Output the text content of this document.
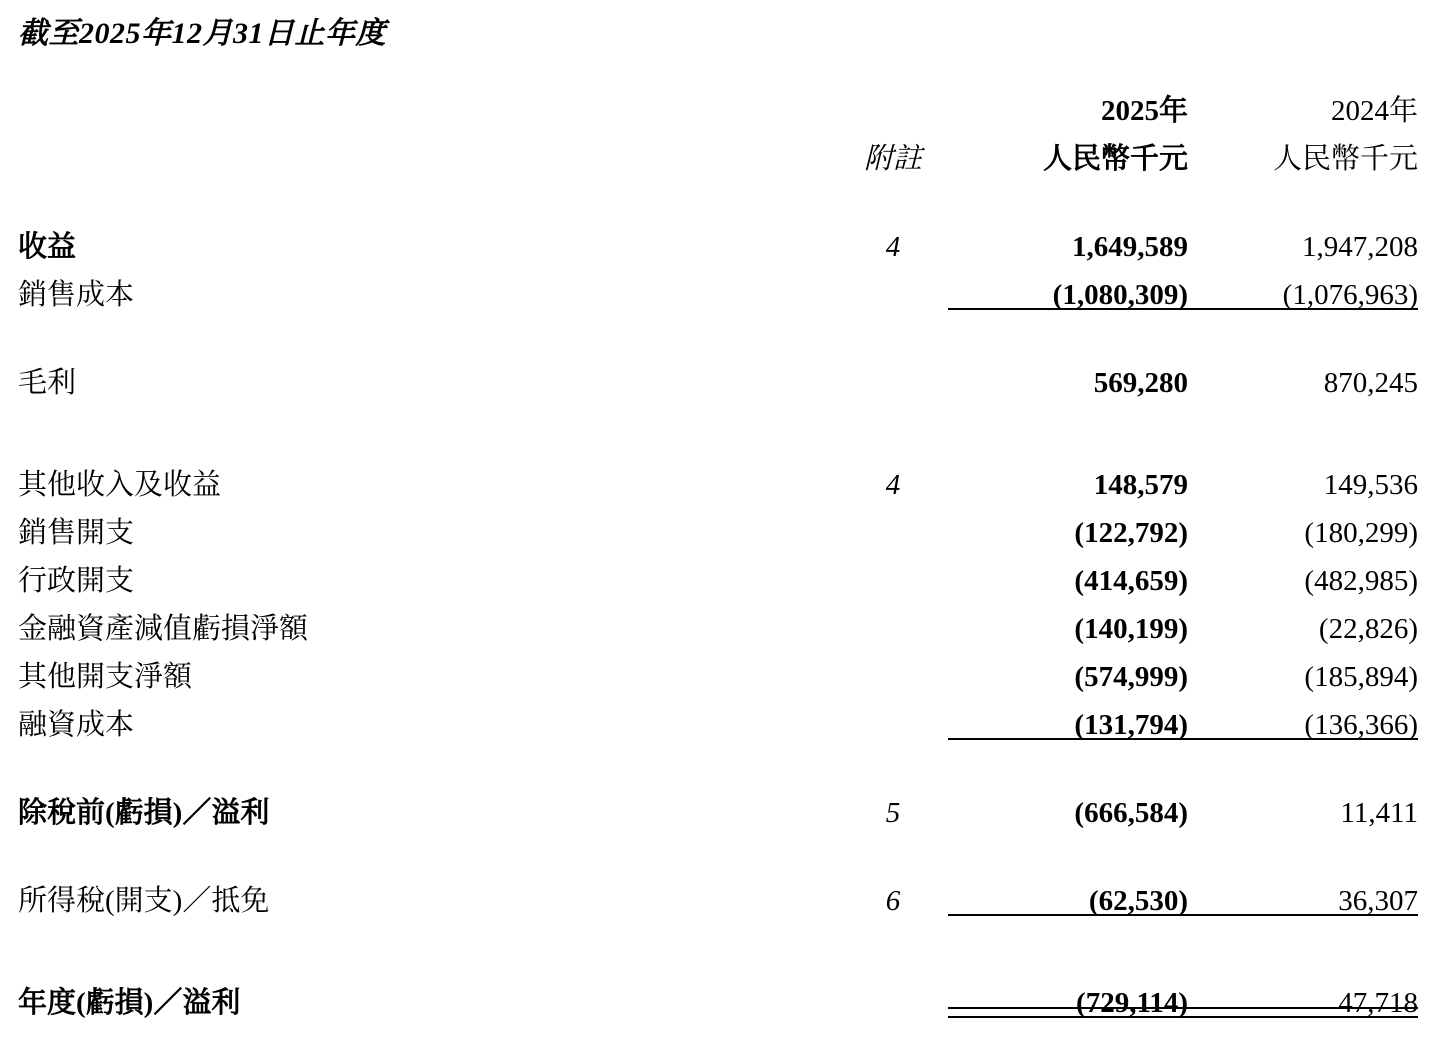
截至2025年12月31日止年度
		2025年	2024年
	附註	人民幣千元	人民幣千元

收益	4	1,649,589	1,947,208
銷售成本		(1,080,309)	(1,076,963)

毛利		569,280	870,245

其他收入及收益	4	148,579	149,536
銷售開支		(122,792)	(180,299)
行政開支		(414,659)	(482,985)
金融資產減值虧損淨額		(140,199)	(22,826)
其他開支淨額		(574,999)	(185,894)
融資成本		(131,794)	(136,366)

除稅前(虧損)／溢利	5	(666,584)	11,411

所得稅(開支)／抵免	6	(62,530)	36,307

年度(虧損)／溢利		(729,114)	47,718
